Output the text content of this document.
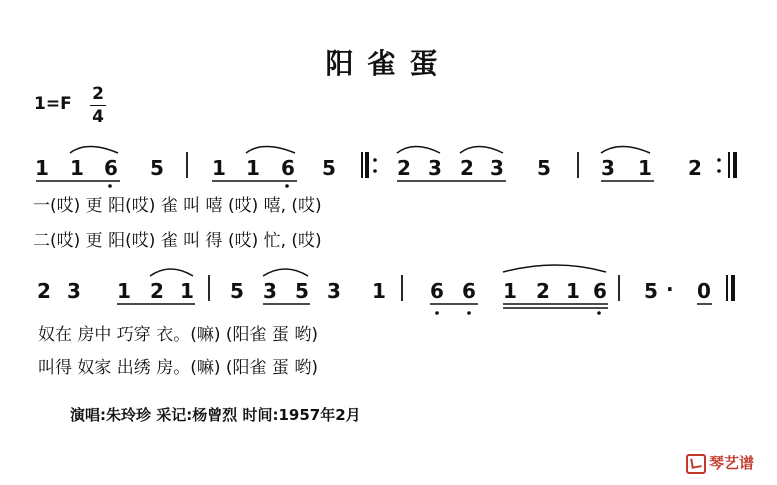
阳雀蛋
1=F 2
4
1 1 6 5 1 1 6 5	2 3 2 3 5	3 1 2
2 3 1 2 1 5 3 5 3 1 6 6 1 2 1 6 5 · 0
一(哎) 更 阳(哎) 雀 叫 嘻 (哎) 嘻, (哎)
二(哎) 更 阳(哎) 雀 叫 得 (哎) 忙, (哎)
奴在 房中 巧穿 衣。(嘛) (阳雀 蛋 哟)
叫得 奴家 出绣 房。(嘛) (阳雀 蛋 哟)
演唱:朱玲珍 采记:杨曾烈 时间:1957年2月
琴艺谱
